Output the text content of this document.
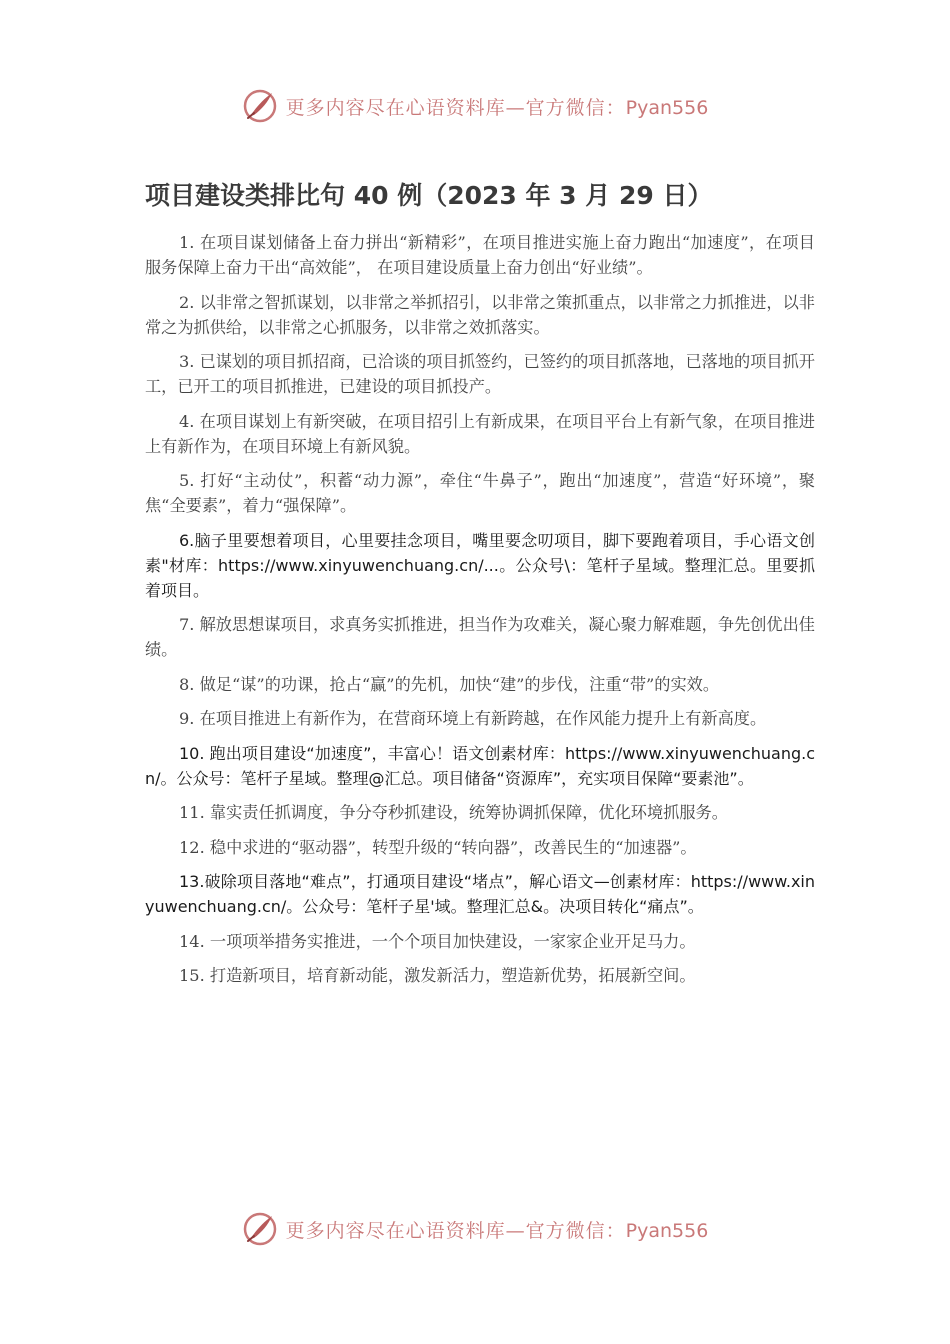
更多内容尽在心语资料库—官方微信：Pyan556
项目建设类排比句 40 例（2023 年 3 月 29 日）

1. 在项目谋划储备上奋力拼出“新精彩”，在项目推进实施上奋力跑出“加速度”，在项目服务保障上奋力干出“高效能”， 在项目建设质量上奋力创出“好业绩”。

2. 以非常之智抓谋划，以非常之举抓招引，以非常之策抓重点，以非常之力抓推进，以非常之为抓供给，以非常之心抓服务，以非常之效抓落实。

3. 已谋划的项目抓招商，已洽谈的项目抓签约，已签约的项目抓落地，已落地的项目抓开工，已开工的项目抓推进，已建设的项目抓投产。

4. 在项目谋划上有新突破，在项目招引上有新成果，在项目平台上有新气象，在项目推进上有新作为，在项目环境上有新风貌。

5. 打好“主动仗”，积蓄“动力源”，牵住“牛鼻子”，跑出“加速度”，营造“好环境”，聚焦“全要素”，着力“强保障”。

6.脑子里要想着项目，心里要挂念项目，嘴里要念叨项目，脚下要跑着项目，手心语文创素"材库：https://www.xinyuwenchuang.cn/...。公众号\：笔杆子星域。整理汇总。里要抓着项目。

7. 解放思想谋项目，求真务实抓推进，担当作为攻难关，凝心聚力解难题，争先创优出佳绩。

8. 做足“谋”的功课，抢占“赢”的先机，加快“建”的步伐，注重“带”的实效。

9. 在项目推进上有新作为，在营商环境上有新跨越，在作风能力提升上有新高度。

10. 跑出项目建设“加速度”，丰富心！语文创素材库：https://www.xinyuwenchuang.cn/。公众号：笔杆子星域。整理@汇总。项目储备“资源库”，充实项目保障“要素池”。

11. 靠实责任抓调度，争分夺秒抓建设，统筹协调抓保障，优化环境抓服务。

12. 稳中求进的“驱动器”，转型升级的“转向器”，改善民生的“加速器”。

13.破除项目落地“难点”，打通项目建设“堵点”，解心语文—创素材库：https://www.xinyuwenchuang.cn/。公众号：笔杆子星'域。整理汇总&。决项目转化“痛点”。

14. 一项项举措务实推进，一个个项目加快建设，一家家企业开足马力。

15. 打造新项目，培育新动能，激发新活力，塑造新优势，拓展新空间。

更多内容尽在心语资料库—官方微信：Pyan556
